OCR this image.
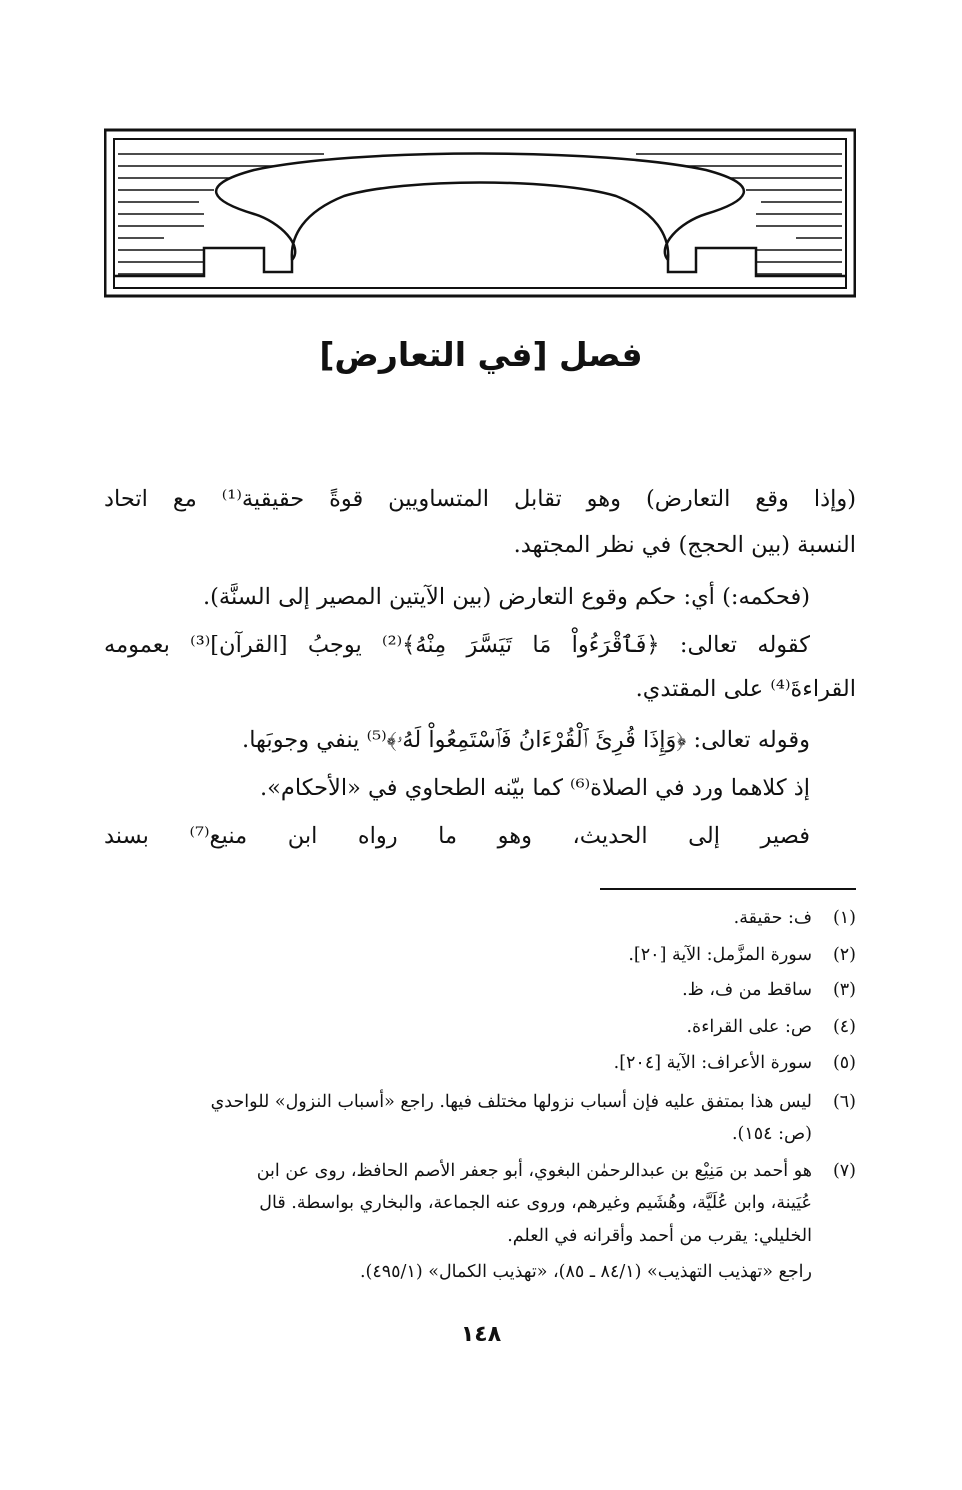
فصل [في التعارض]
(وإذا وقع التعارض) وهو تقابل المتساويين قوةً حقيقية⁽¹⁾ مع اتحاد
النسبة (بين الحجج) في نظر المجتهد.
(فحكمه:) أي: حكم وقوع التعارض (بين الآيتين المصير إلى السنَّة).
كقوله تعالى: ﴿فَٱقْرَءُواْ مَا تَيَسَّرَ مِنْهُ﴾⁽²⁾ يوجبُ [القرآن]⁽³⁾ بعمومه
القراءةَ⁽⁴⁾ على المقتدي.
وقوله تعالى: ﴿وَإِذَا قُرِئَ ٱلْقُرْءَانُ فَٱسْتَمِعُواْ لَهُۥ﴾⁽⁵⁾ ينفي وجوبَها.
إذ كلاهما ورد في الصلاة⁽⁶⁾ كما بيّنه الطحاوي في «الأحكام».
فصير إلى الحديث، وهو ما رواه ابن منيع⁽⁷⁾ بسند
(١)ف: حقيقة.
(٢)سورة المزَّمل: الآية [٢٠].
(٣)ساقط من ف، ظ.
(٤)ص: على القراءة.
(٥)سورة الأعراف: الآية [٢٠٤].
(٦)ليس هذا بمتفق عليه فإن أسباب نزولها مختلف فيها. راجع «أسباب النزول» للواحدي
(ص: ١٥٤).
(٧)هو أحمد بن مَنِيْع بن عبدالرحمٰن البغوي، أبو جعفر الأصم الحافظ، روى عن ابن
عُيَينة، وابن عُلَيَّة، وهُشَيم وغيرهم، وروى عنه الجماعة، والبخاري بواسطة. قال
الخليلي: يقرب من أحمد وأقرانه في العلم.
راجع «تهذيب التهذيب» (٨٤/١ ـ ٨٥)، «تهذيب الكمال» (٤٩٥/١).
١٤٨
